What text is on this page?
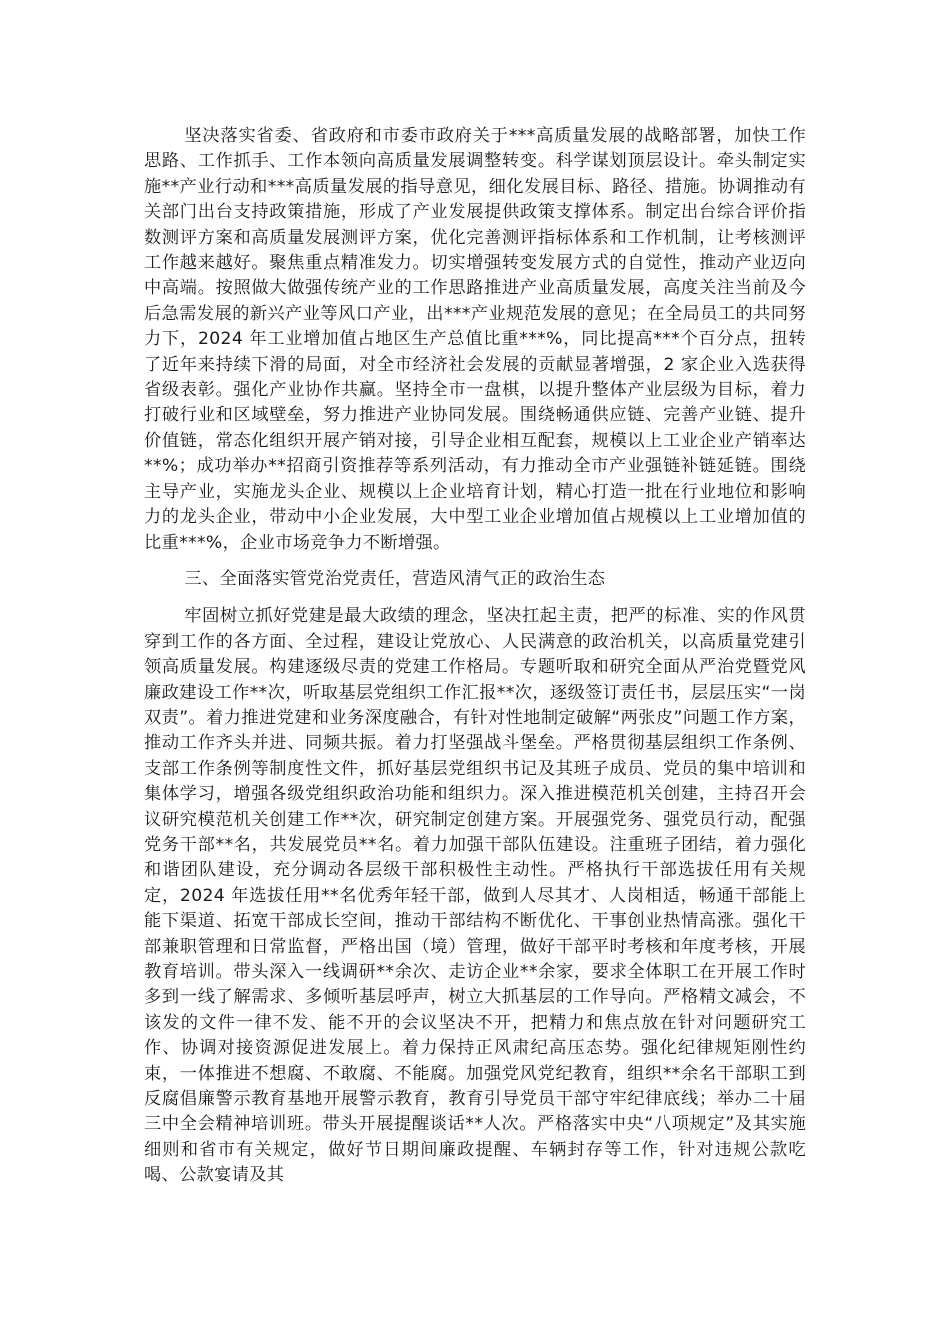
坚决落实省委、省政府和市委市政府关于***高质量发展的战略部署，加快工作思路、工作抓手、工作本领向高质量发展调整转变。科学谋划顶层设计。牵头制定实施**产业行动和***高质量发展的指导意见，细化发展目标、路径、措施。协调推动有关部门出台支持政策措施，形成了产业发展提供政策支撑体系。制定出台综合评价指数测评方案和高质量发展测评方案，优化完善测评指标体系和工作机制，让考核测评工作越来越好。聚焦重点精准发力。切实增强转变发展方式的自觉性，推动产业迈向中高端。按照做大做强传统产业的工作思路推进产业高质量发展，高度关注当前及今后急需发展的新兴产业等风口产业，出***产业规范发展的意见；在全局员工的共同努力下，2024 年工业增加值占地区生产总值比重***%，同比提高***个百分点，扭转了近年来持续下滑的局面，对全市经济社会发展的贡献显著增强，2 家企业入选获得省级表彰。强化产业协作共赢。坚持全市一盘棋，以提升整体产业层级为目标，着力打破行业和区域壁垒，努力推进产业协同发展。围绕畅通供应链、完善产业链、提升价值链，常态化组织开展产销对接，引导企业相互配套，规模以上工业企业产销率达**%；成功举办**招商引资推荐等系列活动，有力推动全市产业强链补链延链。围绕主导产业，实施龙头企业、规模以上企业培育计划，精心打造一批在行业地位和影响力的龙头企业，带动中小企业发展，大中型工业企业增加值占规模以上工业增加值的比重***%，企业市场竞争力不断增强。

三、全面落实管党治党责任，营造风清气正的政治生态

牢固树立抓好党建是最大政绩的理念，坚决扛起主责，把严的标准、实的作风贯穿到工作的各方面、全过程，建设让党放心、人民满意的政治机关，以高质量党建引领高质量发展。构建逐级尽责的党建工作格局。专题听取和研究全面从严治党暨党风廉政建设工作**次，听取基层党组织工作汇报**次，逐级签订责任书，层层压实“一岗双责”。着力推进党建和业务深度融合，有针对性地制定破解“两张皮”问题工作方案，推动工作齐头并进、同频共振。着力打坚强战斗堡垒。严格贯彻基层组织工作条例、支部工作条例等制度性文件，抓好基层党组织书记及其班子成员、党员的集中培训和集体学习，增强各级党组织政治功能和组织力。深入推进模范机关创建，主持召开会议研究模范机关创建工作**次，研究制定创建方案。开展强党务、强党员行动，配强党务干部**名，共发展党员**名。着力加强干部队伍建设。注重班子团结，着力强化和谐团队建设，充分调动各层级干部积极性主动性。严格执行干部选拔任用有关规定，2024 年选拔任用**名优秀年轻干部，做到人尽其才、人岗相适，畅通干部能上能下渠道、拓宽干部成长空间，推动干部结构不断优化、干事创业热情高涨。强化干部兼职管理和日常监督，严格出国（境）管理，做好干部平时考核和年度考核，开展教育培训。带头深入一线调研**余次、走访企业**余家，要求全体职工在开展工作时多到一线了解需求、多倾听基层呼声，树立大抓基层的工作导向。严格精文减会，不该发的文件一律不发、能不开的会议坚决不开，把精力和焦点放在针对问题研究工作、协调对接资源促进发展上。着力保持正风肃纪高压态势。强化纪律规矩刚性约束，一体推进不想腐、不敢腐、不能腐。加强党风党纪教育，组织**余名干部职工到反腐倡廉警示教育基地开展警示教育，教育引导党员干部守牢纪律底线；举办二十届三中全会精神培训班。带头开展提醒谈话**人次。严格落实中央“八项规定”及其实施细则和省市有关规定，做好节日期间廉政提醒、车辆封存等工作，针对违规公款吃喝、公款宴请及其
